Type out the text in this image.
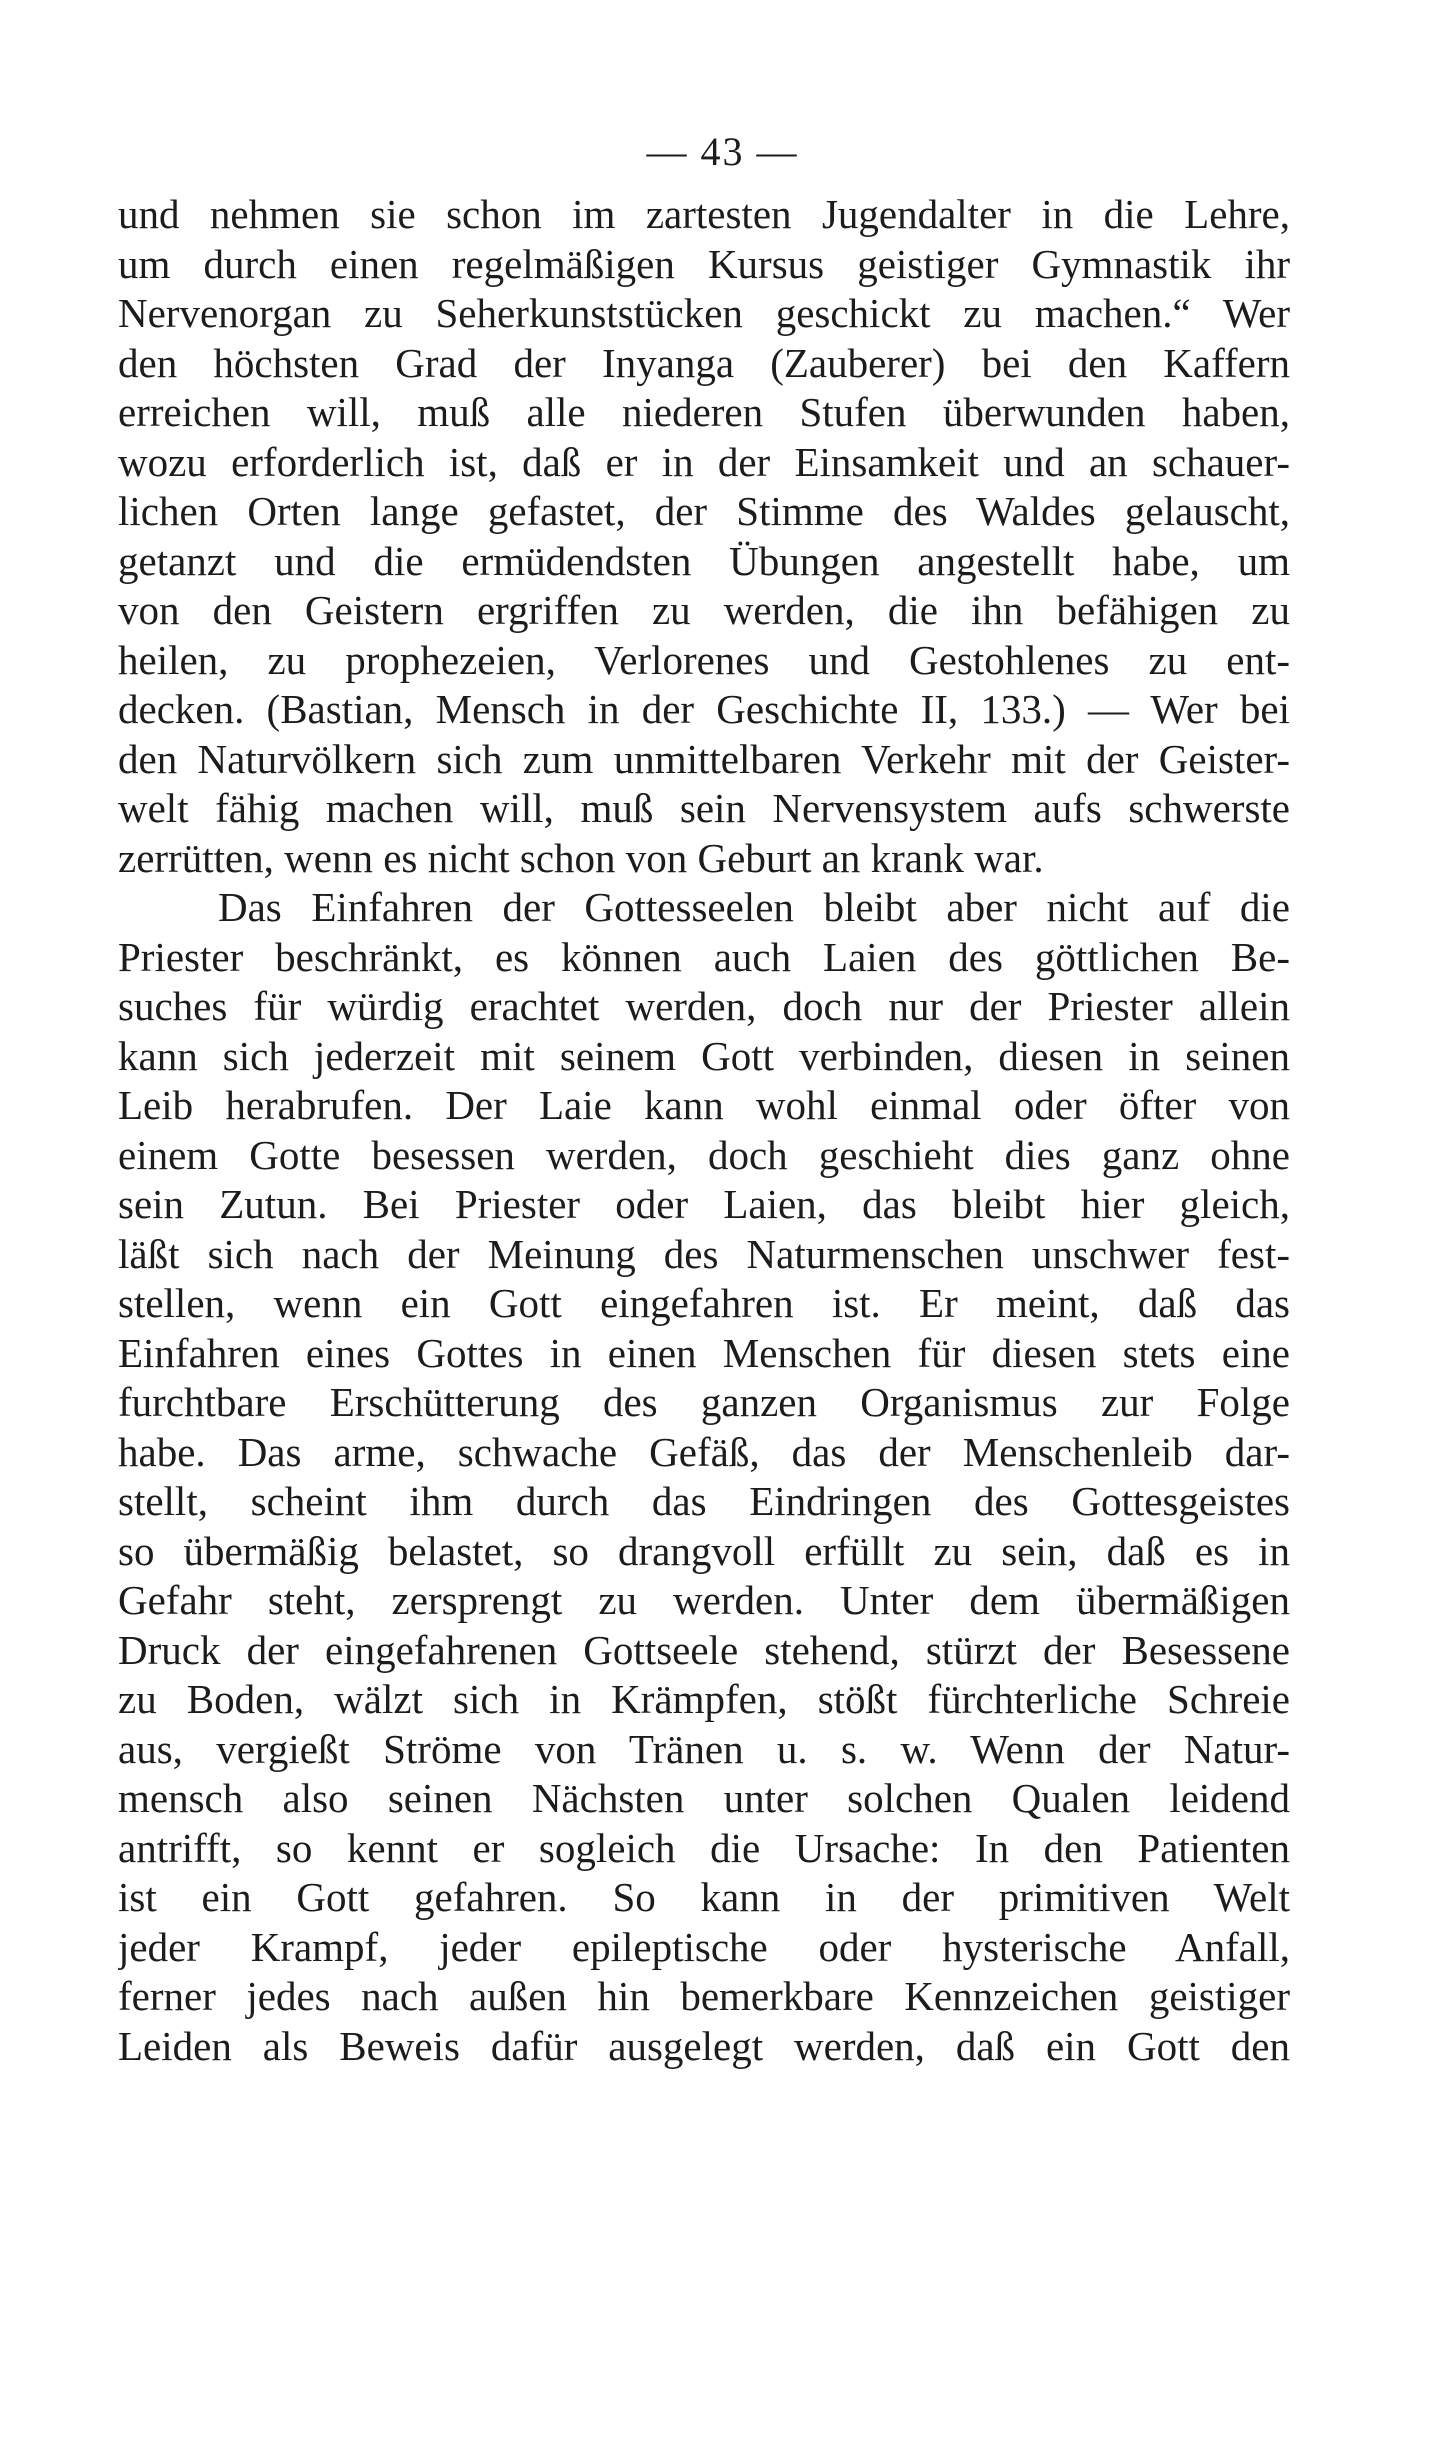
— 43 —
und nehmen sie schon im zartesten Jugendalter in die Lehre,
um durch einen regelmäßigen Kursus geistiger Gymnastik ihr
Nervenorgan zu Seherkunststücken geschickt zu machen.“ Wer
den höchsten Grad der Inyanga (Zauberer) bei den Kaffern
erreichen will, muß alle niederen Stufen überwunden haben,
wozu erforderlich ist, daß er in der Einsamkeit und an schauer-
lichen Orten lange gefastet, der Stimme des Waldes gelauscht,
getanzt und die ermüdendsten Übungen angestellt habe, um
von den Geistern ergriffen zu werden, die ihn befähigen zu
heilen, zu prophezeien, Verlorenes und Gestohlenes zu ent-
decken. (Bastian, Mensch in der Geschichte II, 133.) — Wer bei
den Naturvölkern sich zum unmittelbaren Verkehr mit der Geister-
welt fähig machen will, muß sein Nervensystem aufs schwerste
zerrütten, wenn es nicht schon von Geburt an krank war.
Das Einfahren der Gottesseelen bleibt aber nicht auf die
Priester beschränkt, es können auch Laien des göttlichen Be-
suches für würdig erachtet werden, doch nur der Priester allein
kann sich jederzeit mit seinem Gott verbinden, diesen in seinen
Leib herabrufen. Der Laie kann wohl einmal oder öfter von
einem Gotte besessen werden, doch geschieht dies ganz ohne
sein Zutun. Bei Priester oder Laien, das bleibt hier gleich,
läßt sich nach der Meinung des Naturmenschen unschwer fest-
stellen, wenn ein Gott eingefahren ist. Er meint, daß das
Einfahren eines Gottes in einen Menschen für diesen stets eine
furchtbare Erschütterung des ganzen Organismus zur Folge
habe. Das arme, schwache Gefäß, das der Menschenleib dar-
stellt, scheint ihm durch das Eindringen des Gottesgeistes
so übermäßig belastet, so drangvoll erfüllt zu sein, daß es in
Gefahr steht, zersprengt zu werden. Unter dem übermäßigen
Druck der eingefahrenen Gottseele stehend, stürzt der Besessene
zu Boden, wälzt sich in Krämpfen, stößt fürchterliche Schreie
aus, vergießt Ströme von Tränen u. s. w. Wenn der Natur-
mensch also seinen Nächsten unter solchen Qualen leidend
antrifft, so kennt er sogleich die Ursache: In den Patienten
ist ein Gott gefahren. So kann in der primitiven Welt
jeder Krampf, jeder epileptische oder hysterische Anfall,
ferner jedes nach außen hin bemerkbare Kennzeichen geistiger
Leiden als Beweis dafür ausgelegt werden, daß ein Gott den
